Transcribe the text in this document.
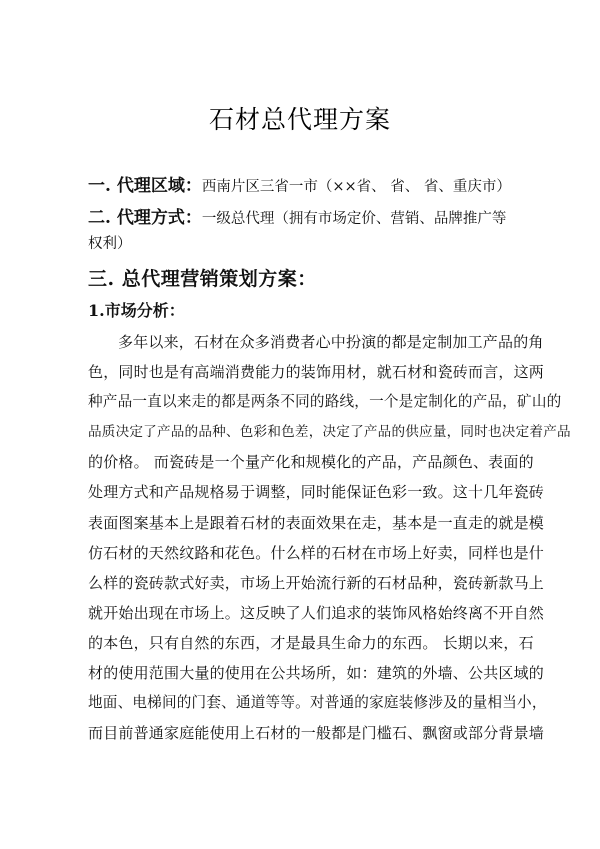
石材总代理方案
一. 代理区域：西南片区三省一市（××省、 省、 省、重庆市）
二. 代理方式：一级总代理（拥有市场定价、营销、品牌推广等
权利）
三. 总代理营销策划方案：
1.市场分析：
多年以来，石材在众多消费者心中扮演的都是定制加工产品的角
色，同时也是有高端消费能力的装饰用材，就石材和瓷砖而言，这两
种产品一直以来走的都是两条不同的路线，一个是定制化的产品，矿山的
品质决定了产品的品种、色彩和色差，决定了产品的供应量，同时也决定着产品
的价格。 而瓷砖是一个量产化和规模化的产品，产品颜色、表面的
处理方式和产品规格易于调整，同时能保证色彩一致。这十几年瓷砖
表面图案基本上是跟着石材的表面效果在走，基本是一直走的就是模
仿石材的天然纹路和花色。什么样的石材在市场上好卖，同样也是什
么样的瓷砖款式好卖，市场上开始流行新的石材品种，瓷砖新款马上
就开始出现在市场上。这反映了人们追求的装饰风格始终离不开自然
的本色，只有自然的东西，才是最具生命力的东西。 长期以来，石
材的使用范围大量的使用在公共场所，如：建筑的外墙、公共区域的
地面、电梯间的门套、通道等等。对普通的家庭装修涉及的量相当小，
而目前普通家庭能使用上石材的一般都是门槛石、飘窗或部分背景墙
